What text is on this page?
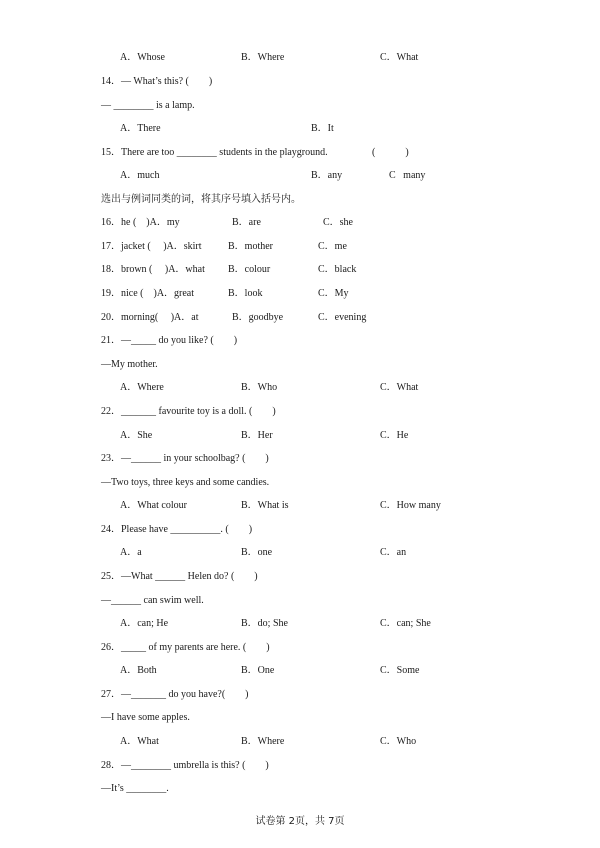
A．Whose	B．Where	C．What
14．— What’s this? (        )
— ________ is a lamp.
A．There	B．It
15．There are too ________ students in the playground.	(            )
A．much	B．any	C   many
选出与例词同类的词，将其序号填入括号内。
16．he (    )A．my	B．are	C．she
17．jacket (     )A．skirt	B．mother	C．me
18．brown (     )A．what B．colour	C．black
19．nice (    )A．great	B．look	C．My
20．morning(     )A．at	B．goodbye	C．evening
21．—_____ do you like? (        )
—My mother.
A．Where	B．Who	C．What
22．_______ favourite toy is a doll. (        )
A．She	B．Her	C．He
23．—______ in your schoolbag? (        )
—Two toys, three keys and some candies.
A．What colour	B．What is	C．How many
24．Please have __________. (        )
A．a	B．one	C．an
25．—What ______ Helen do? (        )
—______ can swim well.
A．can; He	B．do; She	C．can; She
26．_____ of my parents are here. (        )
A．Both	B．One	C．Some
27．—_______ do you have?(        )
—I have some apples.
A．What	B．Where	C．Who
28．—________ umbrella is this? (        )
—It’s ________.
试卷第 2页，共 7页
